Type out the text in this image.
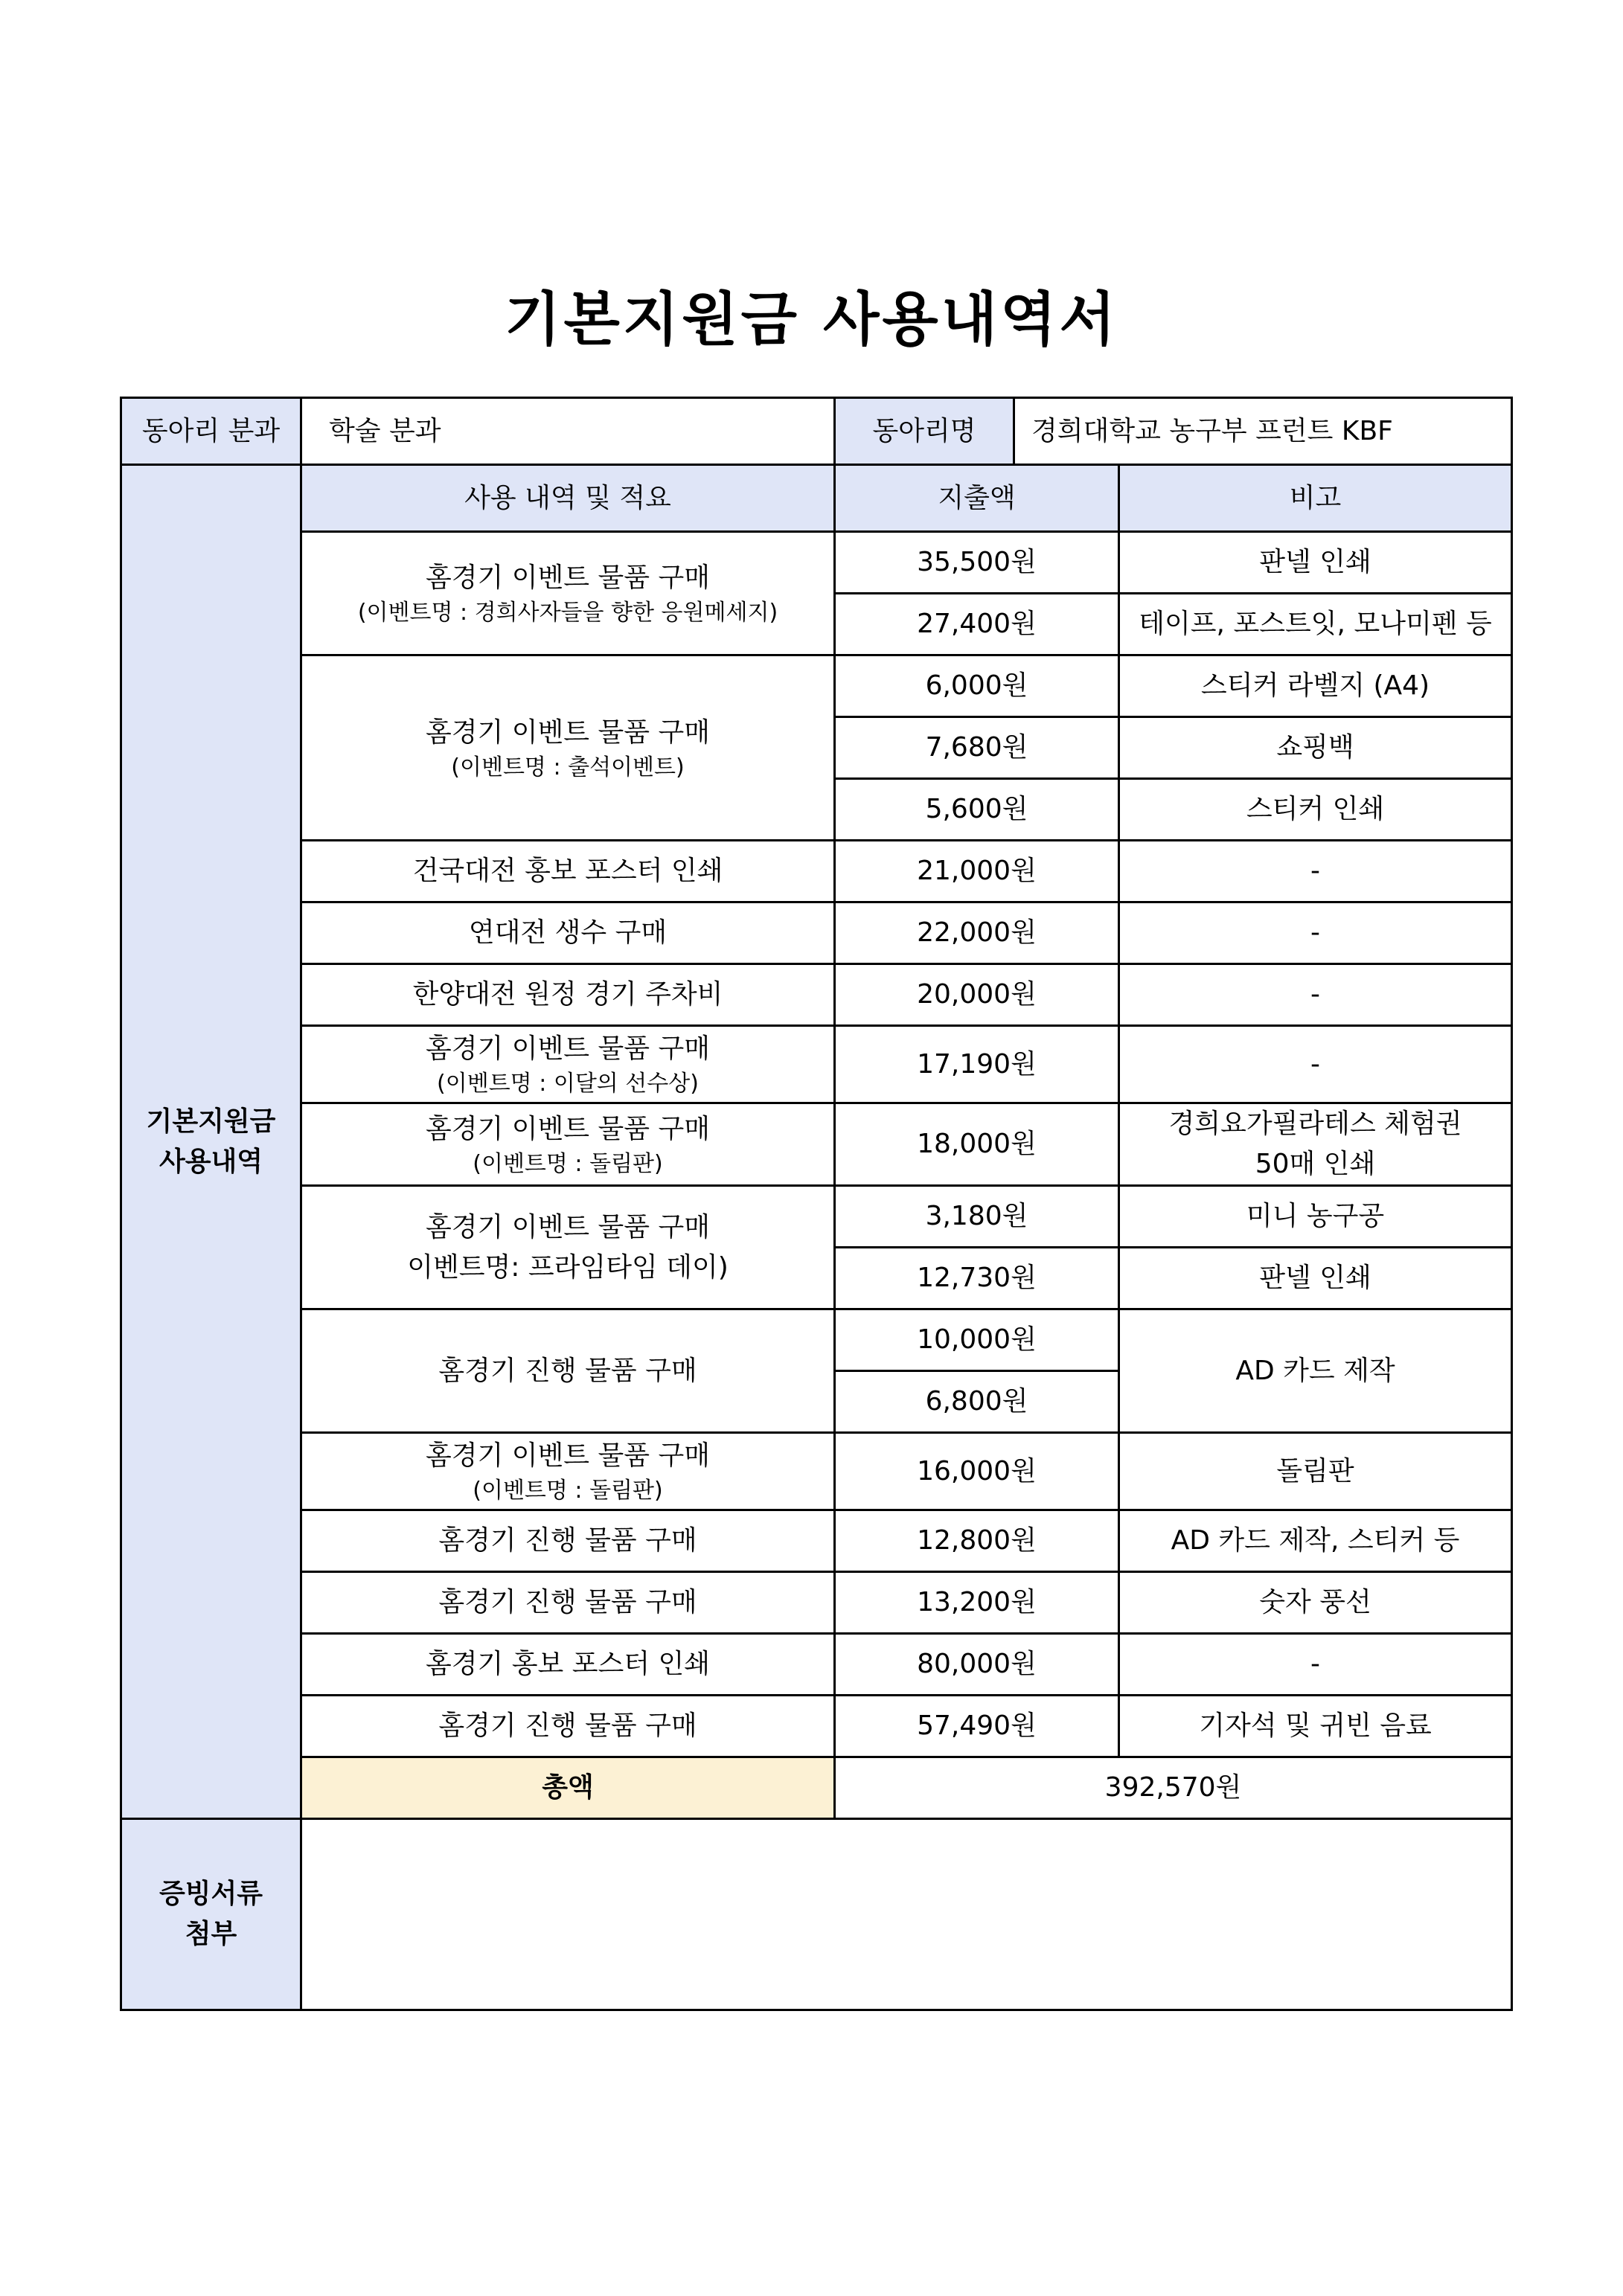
기본지원금 사용내역서
동아리 분과	학술 분과	동아리명	경희대학교 농구부 프런트 KBF	

기본지원금
사용내역	사용 내역 및 적요	지출액		비고

	홈경기 이벤트 물품 구매
(이벤트명 : 경희사자들을 향한 응원메세지)	35,500원		판넬 인쇄

		27,400원		테이프, 포스트잇, 모나미펜 등

	홈경기 이벤트 물품 구매
(이벤트명 : 출석이벤트)	6,000원		스티커 라벨지 (A4)

		7,680원		쇼핑백

		5,600원		스티커 인쇄

	건국대전 홍보 포스터 인쇄	21,000원		-

	연대전 생수 구매	22,000원		-

	한양대전 원정 경기 주차비	20,000원		-

	홈경기 이벤트 물품 구매
(이벤트명 : 이달의 선수상)	17,190원		-

	홈경기 이벤트 물품 구매
(이벤트명 : 돌림판)	18,000원		경희요가필라테스 체험권
50매 인쇄

	홈경기 이벤트 물품 구매
이벤트명: 프라임타임 데이)	3,180원		미니 농구공

		12,730원		판넬 인쇄

	홈경기 진행 물품 구매	10,000원		AD 카드 제작
		6,800원		

	홈경기 이벤트 물품 구매
(이벤트명 : 돌림판)	16,000원		돌림판

	홈경기 진행 물품 구매	12,800원		AD 카드 제작, 스티커 등

	홈경기 진행 물품 구매	13,200원		숫자 풍선

	홈경기 홍보 포스터 인쇄	80,000원		-

	홈경기 진행 물품 구매	57,490원		기자석 및 귀빈 음료

	총액	392,570원		

증빙서류
첨부				
